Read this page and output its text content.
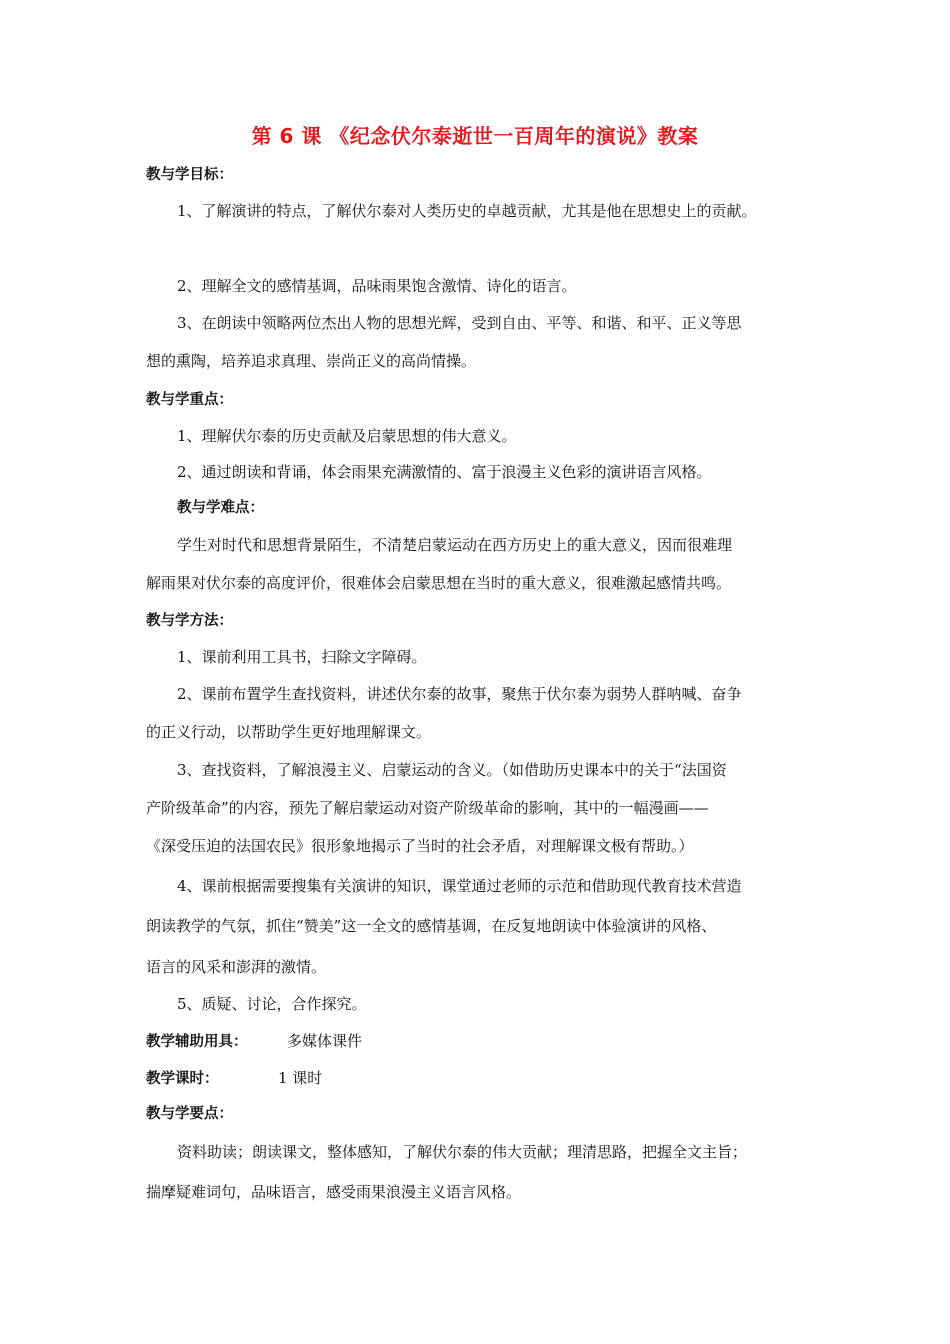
第 6 课 《纪念伏尔泰逝世一百周年的演说》教案
教与学目标：
1、了解演讲的特点，了解伏尔泰对人类历史的卓越贡献，尤其是他在思想史上的贡献。
2、理解全文的感情基调，品味雨果饱含激情、诗化的语言。
3、在朗读中领略两位杰出人物的思想光辉，受到自由、平等、和谐、和平、正义等思
想的熏陶，培养追求真理、崇尚正义的高尚情操。
教与学重点：
1、理解伏尔泰的历史贡献及启蒙思想的伟大意义。
2、通过朗读和背诵，体会雨果充满激情的、富于浪漫主义色彩的演讲语言风格。
教与学难点：
学生对时代和思想背景陌生，不清楚启蒙运动在西方历史上的重大意义，因而很难理
解雨果对伏尔泰的高度评价，很难体会启蒙思想在当时的重大意义，很难激起感情共鸣。
教与学方法：
1、课前利用工具书，扫除文字障碍。
2、课前布置学生查找资料，讲述伏尔泰的故事，聚焦于伏尔泰为弱势人群呐喊、奋争
的正义行动，以帮助学生更好地理解课文。
3、查找资料，了解浪漫主义、启蒙运动的含义。（如借助历史课本中的关于“法国资
产阶级革命”的内容，预先了解启蒙运动对资产阶级革命的影响，其中的一幅漫画——
《深受压迫的法国农民》很形象地揭示了当时的社会矛盾，对理解课文极有帮助。）
4、课前根据需要搜集有关演讲的知识，课堂通过老师的示范和借助现代教育技术营造
朗读教学的气氛，抓住“赞美”这一全文的感情基调，在反复地朗读中体验演讲的风格、
语言的风采和澎湃的激情。
5、质疑、讨论，合作探究。
教学辅助用具：	多媒体课件
教学课时：	1 课时
教与学要点：
资料助读；朗读课文，整体感知，了解伏尔泰的伟大贡献；理清思路，把握全文主旨；
揣摩疑难词句，品味语言，感受雨果浪漫主义语言风格。
